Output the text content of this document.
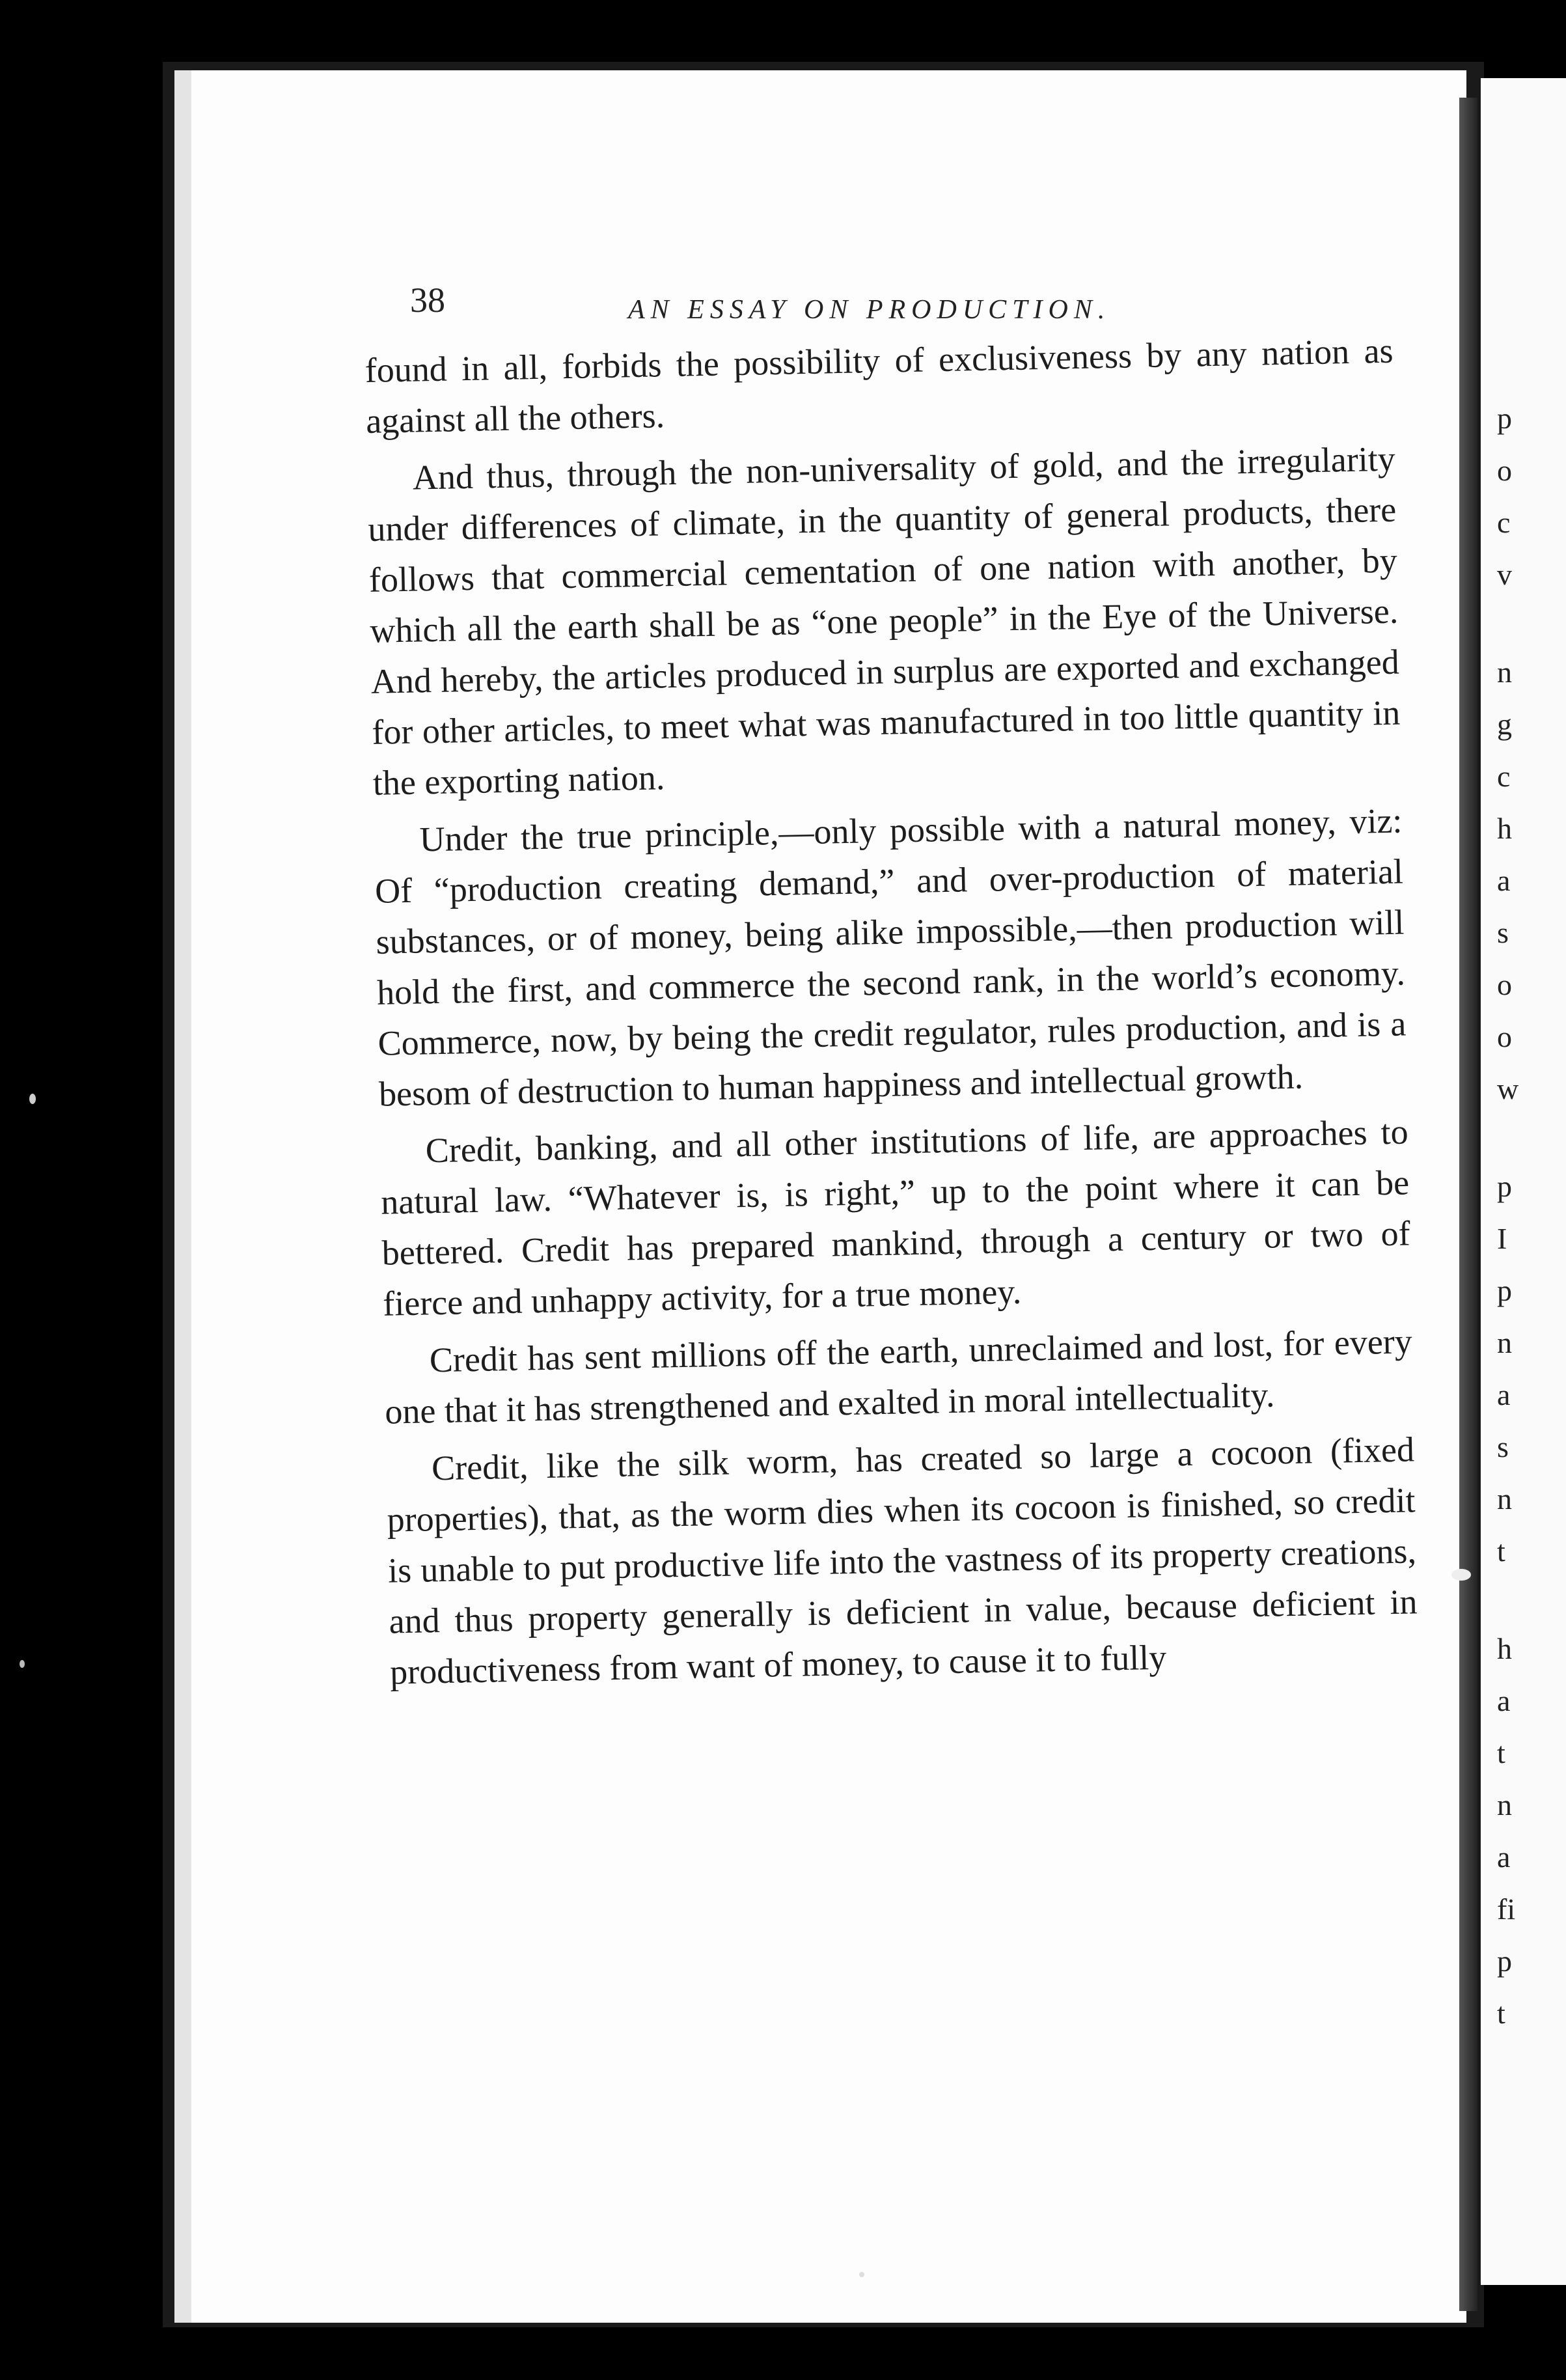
p
o
c
v
n
g
c
h
a
s
o
o
w
p
I
p
n
a
s
n
t
h
a
t
n
a
fi
p
t
38	AN ESSAY ON PRODUCTION.

found in all, forbids the possibility of exclusiveness by any nation as against all the others.

And thus, through the non-universality of gold, and the irregularity under differences of climate, in the quantity of general products, there follows that commercial cementation of one nation with another, by which all the earth shall be as “one people” in the Eye of the Universe. And hereby, the articles produced in surplus are exported and exchanged for other articles, to meet what was manufactured in too little quantity in the exporting nation.

Under the true principle,—only possible with a natural money, viz: Of “production creating demand,” and over-production of material substances, or of money, being alike impossible,—then production will hold the first, and commerce the second rank, in the world’s economy. Commerce, now, by being the credit regulator, rules production, and is a besom of destruction to human happiness and intellectual growth.

Credit, banking, and all other institutions of life, are approaches to natural law. “Whatever is, is right,” up to the point where it can be bettered. Credit has prepared mankind, through a century or two of fierce and unhappy activity, for a true money.

Credit has sent millions off the earth, unreclaimed and lost, for every one that it has strengthened and exalted in moral intellectuality.

Credit, like the silk worm, has created so large a cocoon (fixed properties), that, as the worm dies when its cocoon is finished, so credit is unable to put productive life into the vastness of its property creations, and thus property generally is deficient in value, because deficient in productiveness from want of money, to cause it to fully
